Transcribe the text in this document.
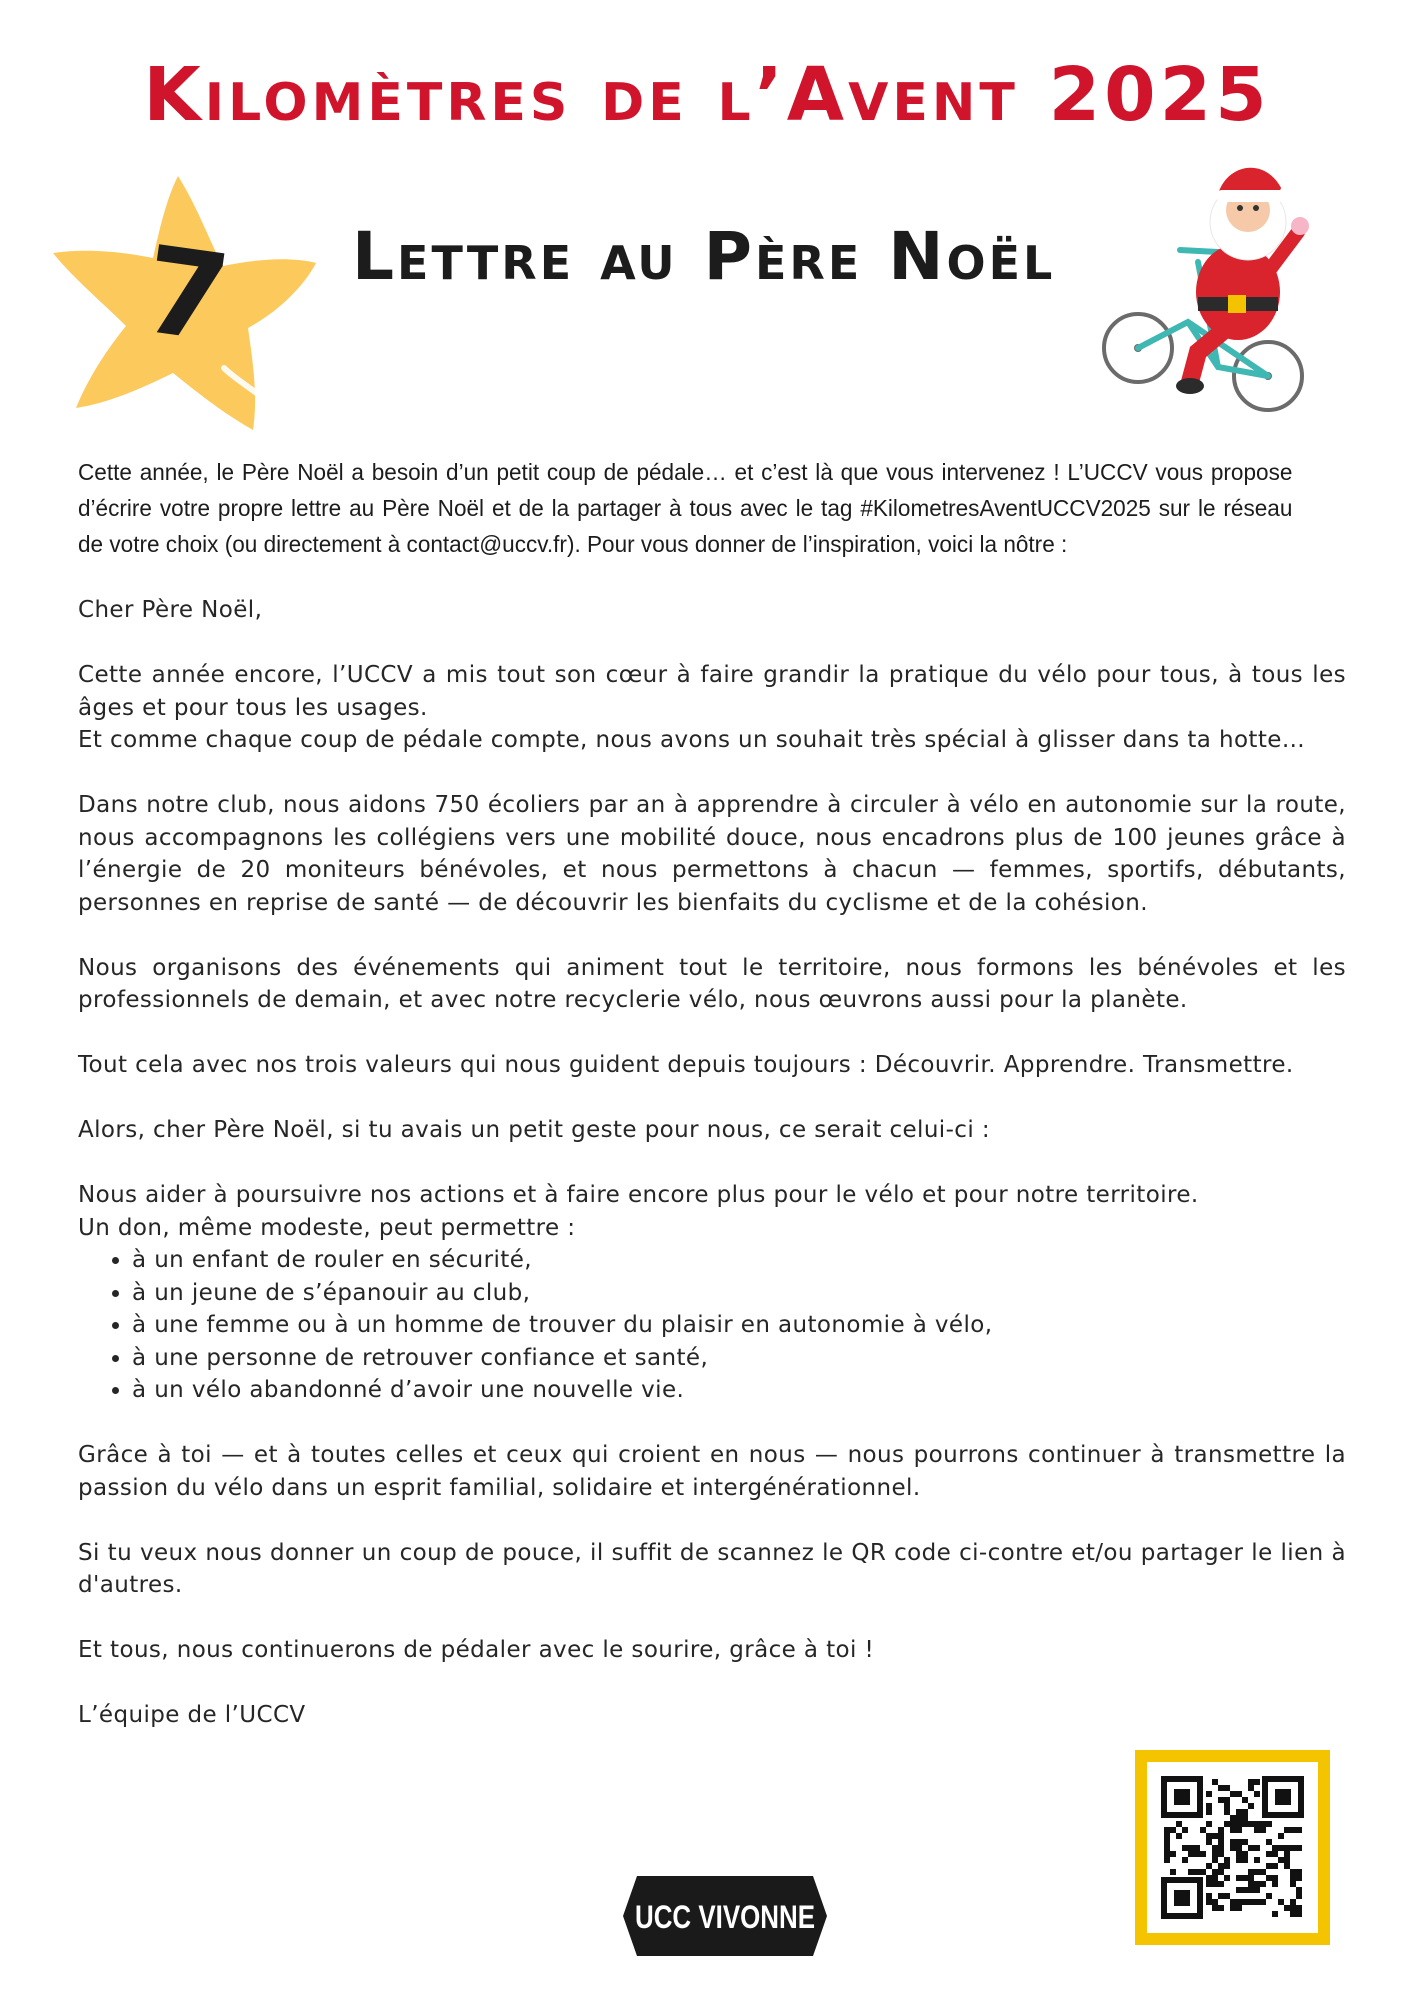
Kilomètres de l’Avent 2025
7	Lettre au Père Noël

Cette année, le Père Noël a besoin d’un petit coup de pédale… et c’est là que vous intervenez ! L’UCCV vous propose d’écrire votre propre lettre au Père Noël et de la partager à tous avec le tag #KilometresAventUCCV2025 sur le réseau de votre choix (ou directement à contact@uccv.fr). Pour vous donner de l’inspiration, voici la nôtre :

Cher Père Noël,

Cette année encore, l’UCCV a mis tout son cœur à faire grandir la pratique du vélo pour tous, à tous les âges et pour tous les usages.

Et comme chaque coup de pédale compte, nous avons un souhait très spécial à glisser dans ta hotte…

Dans notre club, nous aidons 750 écoliers par an à apprendre à circuler à vélo en autonomie sur la route, nous accompagnons les collégiens vers une mobilité douce, nous encadrons plus de 100 jeunes grâce à l’énergie de 20 moniteurs bénévoles, et nous permettons à chacun — femmes, sportifs, débutants, personnes en reprise de santé — de découvrir les bienfaits du cyclisme et de la cohésion.

Nous organisons des événements qui animent tout le territoire, nous formons les bénévoles et les professionnels de demain, et avec notre recyclerie vélo, nous œuvrons aussi pour la planète.

Tout cela avec nos trois valeurs qui nous guident depuis toujours : Découvrir. Apprendre. Transmettre.

Alors, cher Père Noël, si tu avais un petit geste pour nous, ce serait celui-ci :

Nous aider à poursuivre nos actions et à faire encore plus pour le vélo et pour notre territoire.

Un don, même modeste, peut permettre :

• à un enfant de rouler en sécurité,
• à un jeune de s’épanouir au club,
• à une femme ou à un homme de trouver du plaisir en autonomie à vélo,
• à une personne de retrouver confiance et santé,
• à un vélo abandonné d’avoir une nouvelle vie.

Grâce à toi — et à toutes celles et ceux qui croient en nous — nous pourrons continuer à transmettre la passion du vélo dans un esprit familial, solidaire et intergénérationnel.

Si tu veux nous donner un coup de pouce, il suffit de scannez le QR code ci-contre et/ou partager le lien à d'autres.

Et tous, nous continuerons de pédaler avec le sourire, grâce à toi !

L’équipe de l’UCCV

UCC VIVONNE
